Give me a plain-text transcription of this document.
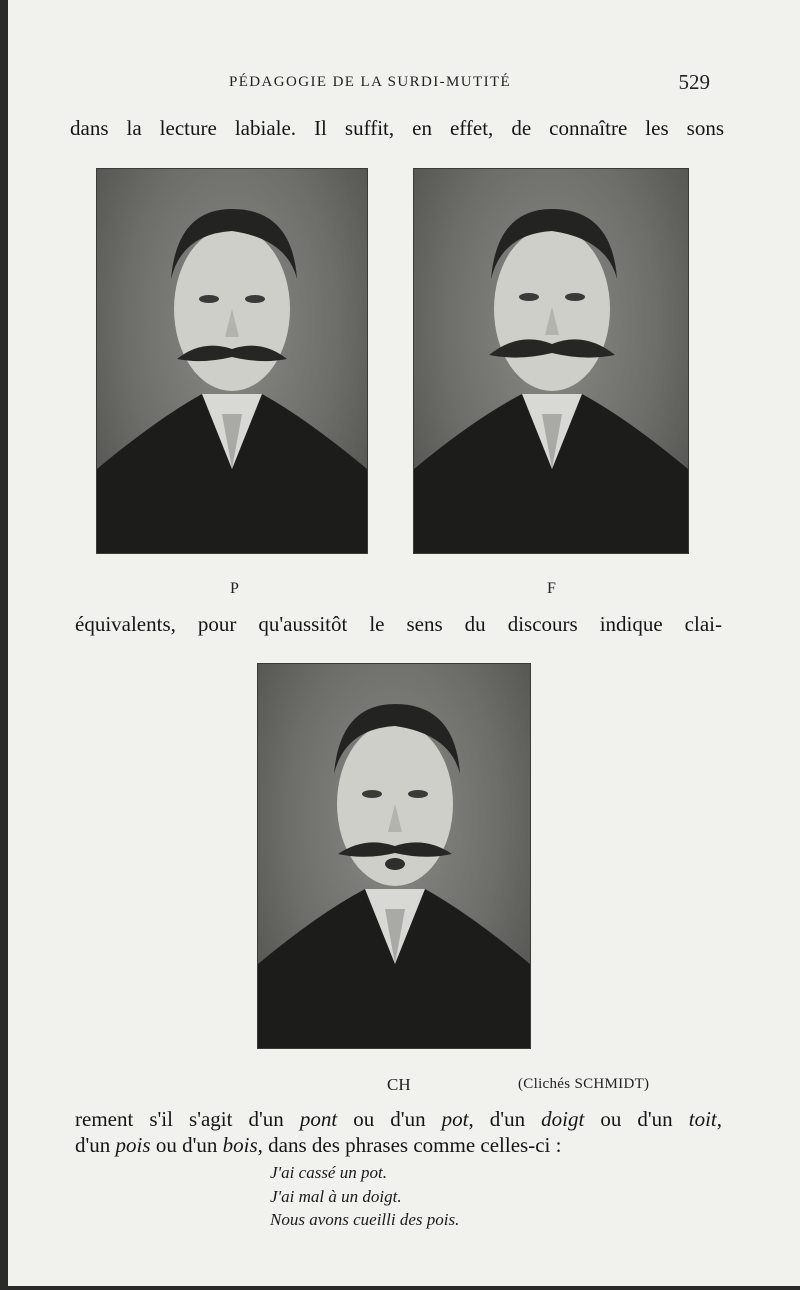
PÉDAGOGIE DE LA SURDI-MUTITÉ	529
dans la lecture labiale. Il suffit, en effet, de connaître les sons
P	F
équivalents, pour qu'aussitôt le sens du discours indique clai-
CH	(Clichés SCHMIDT)
rement s'il s'agit d'un pont ou d'un pot, d'un doigt ou d'un toit,
d'un pois ou d'un bois, dans des phrases comme celles-ci :
J'ai cassé un pot.
J'ai mal à un doigt.
Nous avons cueilli des pois.
